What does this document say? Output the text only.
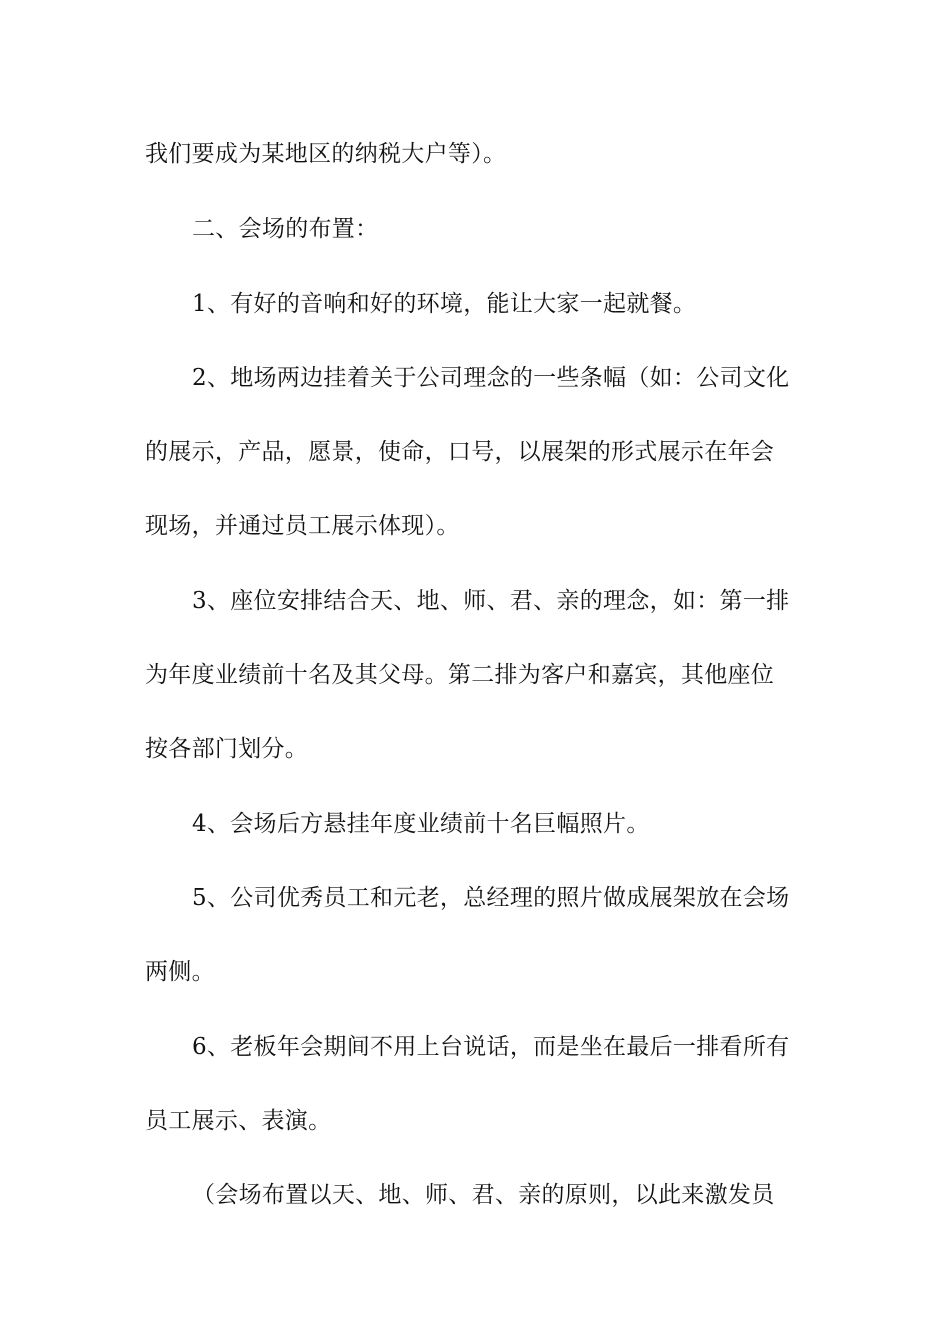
我们要成为某地区的纳税大户等）。
二、会场的布置：
1、有好的音响和好的环境，能让大家一起就餐。
2、地场两边挂着关于公司理念的一些条幅（如：公司文化
的展示，产品，愿景，使命，口号，以展架的形式展示在年会
现场，并通过员工展示体现）。
3、座位安排结合天、地、师、君、亲的理念，如：第一排
为年度业绩前十名及其父母。第二排为客户和嘉宾，其他座位
按各部门划分。
4、会场后方悬挂年度业绩前十名巨幅照片。
5、公司优秀员工和元老，总经理的照片做成展架放在会场
两侧。
6、老板年会期间不用上台说话，而是坐在最后一排看所有
员工展示、表演。
（会场布置以天、地、师、君、亲的原则，以此来激发员
